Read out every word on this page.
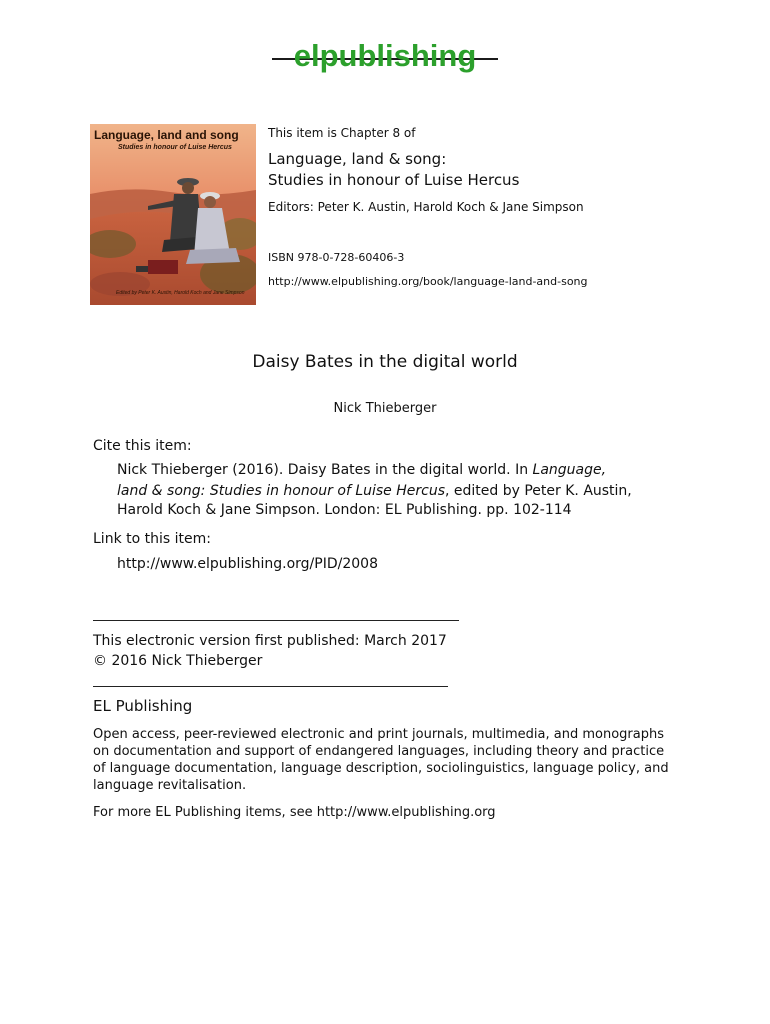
elpublishing
Language, land and song
Studies in honour of Luise Hercus
Edited by Peter K. Austin, Harold Koch and Jane Simpson
This item is Chapter 8 of
Language, land & song:
Studies in honour of Luise Hercus
Editors: Peter K. Austin, Harold Koch & Jane Simpson
ISBN 978-0-728-60406-3
http://www.elpublishing.org/book/language-land-and-song
Daisy Bates in the digital world
Nick Thieberger
Cite this item:
Nick Thieberger (2016). Daisy Bates in the digital world. In Language,
land & song: Studies in honour of Luise Hercus, edited by Peter K. Austin,
Harold Koch & Jane Simpson. London: EL Publishing. pp. 102-114
Link to this item:
http://www.elpublishing.org/PID/2008
This electronic version first published: March 2017
© 2016 Nick Thieberger
EL Publishing
Open access, peer-reviewed electronic and print journals, multimedia, and monographs on documentation and support of endangered languages, including theory and practice of language documentation, language description, sociolinguistics, language policy, and language revitalisation.
For more EL Publishing items, see http://www.elpublishing.org
